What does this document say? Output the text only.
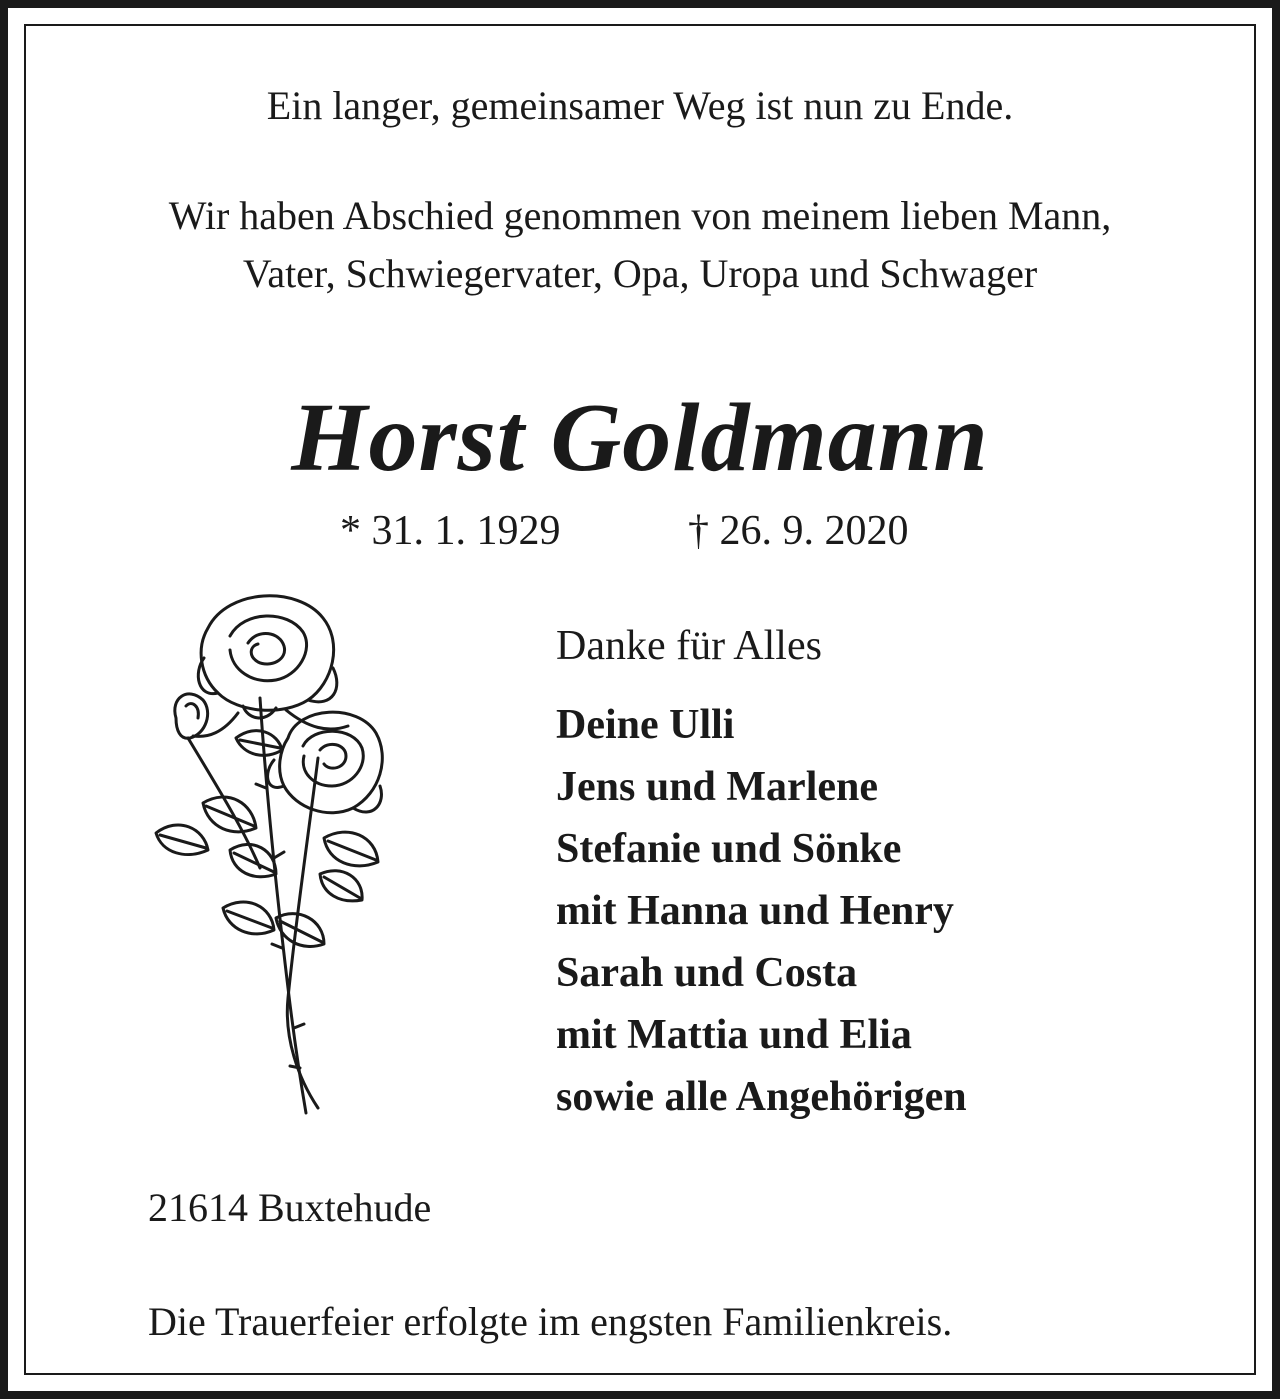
Ein langer, gemeinsamer Weg ist nun zu Ende.
Wir haben Abschied genommen von meinem lieben Mann,
Vater, Schwiegervater, Opa, Uropa und Schwager
Horst Goldmann
* 31. 1. 1929	† 26. 9. 2020
Danke für Alles
Deine Ulli
Jens und Marlene
Stefanie und Sönke
mit Hanna und Henry
Sarah und Costa
mit Mattia und Elia
sowie alle Angehörigen
21614 Buxtehude
Die Trauerfeier erfolgte im engsten Familienkreis.
